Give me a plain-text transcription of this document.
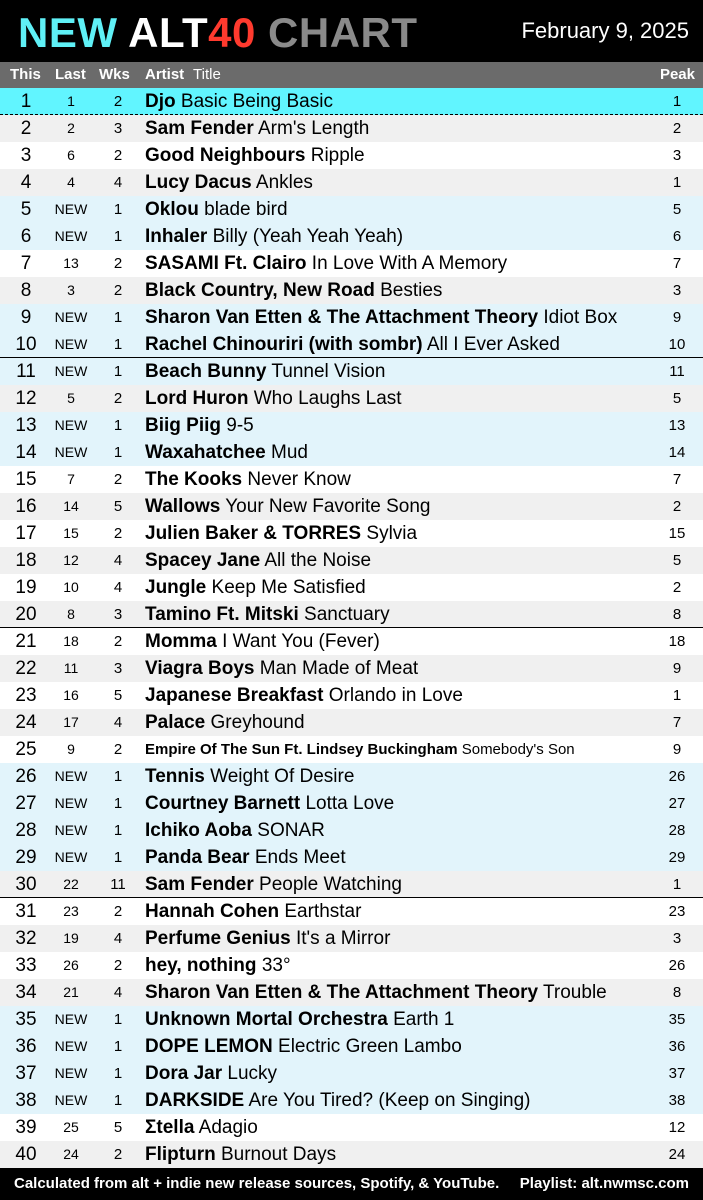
NEW ALT40 CHART	February 9, 2025
This Last Wks Artist Title	Peak
1	1	2	Djo Basic Being Basic	1
2	2	3	Sam Fender Arm's Length	2
3	6	2	Good Neighbours Ripple	3
4	4	4	Lucy Dacus Ankles	1
5	NEW	1	Oklou blade bird	5
6	NEW	1	Inhaler Billy (Yeah Yeah Yeah)	6
7	13	2	SASAMI Ft. Clairo In Love With A Memory	7
8	3	2	Black Country, New Road Besties	3
9	NEW	1	Sharon Van Etten & The Attachment Theory Idiot Box	9
10	NEW	1	Rachel Chinouriri (with sombr) All I Ever Asked	10
11	NEW	1	Beach Bunny Tunnel Vision	11
12	5	2	Lord Huron Who Laughs Last	5
13	NEW	1	Biig Piig 9-5	13
14	NEW	1	Waxahatchee Mud	14
15	7	2	The Kooks Never Know	7
16	14	5	Wallows Your New Favorite Song	2
17	15	2	Julien Baker & TORRES Sylvia	15
18	12	4	Spacey Jane All the Noise	5
19	10	4	Jungle Keep Me Satisfied	2
20	8	3	Tamino Ft. Mitski Sanctuary	8
21	18	2	Momma I Want You (Fever)	18
22	11	3	Viagra Boys Man Made of Meat	9
23	16	5	Japanese Breakfast Orlando in Love	1
24	17	4	Palace Greyhound	7
25	9	2	Empire Of The Sun Ft. Lindsey Buckingham Somebody's Son	9
26	NEW	1	Tennis Weight Of Desire	26
27	NEW	1	Courtney Barnett Lotta Love	27
28	NEW	1	Ichiko Aoba SONAR	28
29	NEW	1	Panda Bear Ends Meet	29
30	22	11	Sam Fender People Watching	1
31	23	2	Hannah Cohen Earthstar	23
32	19	4	Perfume Genius It's a Mirror	3
33	26	2	hey, nothing 33°	26
34	21	4	Sharon Van Etten & The Attachment Theory Trouble	8
35	NEW	1	Unknown Mortal Orchestra Earth 1	35
36	NEW	1	DOPE LEMON Electric Green Lambo	36
37	NEW	1	Dora Jar Lucky	37
38	NEW	1	DARKSIDE Are You Tired? (Keep on Singing)	38
39	25	5	Σtella Adagio	12
40	24	2	Flipturn Burnout Days	24
Calculated from alt + indie new release sources, Spotify, & YouTube. Playlist: alt.nwmsc.com
